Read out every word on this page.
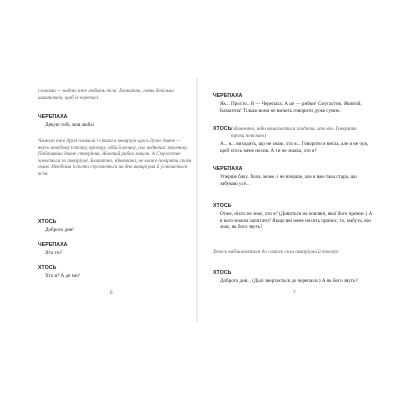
словами — надто вже любить пісні. Блакитна, глянь декілька шматочків, щоб їх черепасі.
ЧЕРЕПАХА
Дякую тобі, моя люба!
Чимало вже друзі плакали і сіпали в акваріум щось дуже дивне — якусь невідому істоту, прозору, ніби й велику, але водночас маленьку. Побачивши дивне створіння, Жовтий рибки завили. А Смугастик ховається за акваріумі. Блакитна, здивована, не може повірити своїм очам. Невідома істота спускається на дно акваріума й усміхається всім.
ХТОСЬ
Доброго дня!
ЧЕРЕПАХА
Хто ти?
ХТОСЬ
Хто я? А де ми?
6
ЧЕРЕПАХА
Як... Просто.. Я — Черепаха. А це — рибки! Смугастик, Жовтий, Блакитна! Тільки вони не вміють говорити дуже сумно.
ХТОСЬ (здивовано, ніби намагається згадати, хто він. Говорити трохи повільно)
А... я... виходить, що не знаю, хто я... Говорити я вміла, але я не чув, щоб хтось мене носив. А ти не знаєш, хто я?
ЧЕРЕПАХА
Уперше бачу. Хоча, може, і не вперше, але я вже така стара, що забуваю усе...
ХТОСЬ
Отже, ніхто не знає, хто я? (Дивиться на човляні, якої його принис.) А в кого можна запитати? Якщо вві мене носить принис, то, мабуть, він знає, як його звуть?
Хтось наближається до самого скла акваріума й показує.
ХТОСЬ
Доброго дня... (Далі звертається до черепахи.) А як його звуть?
7
